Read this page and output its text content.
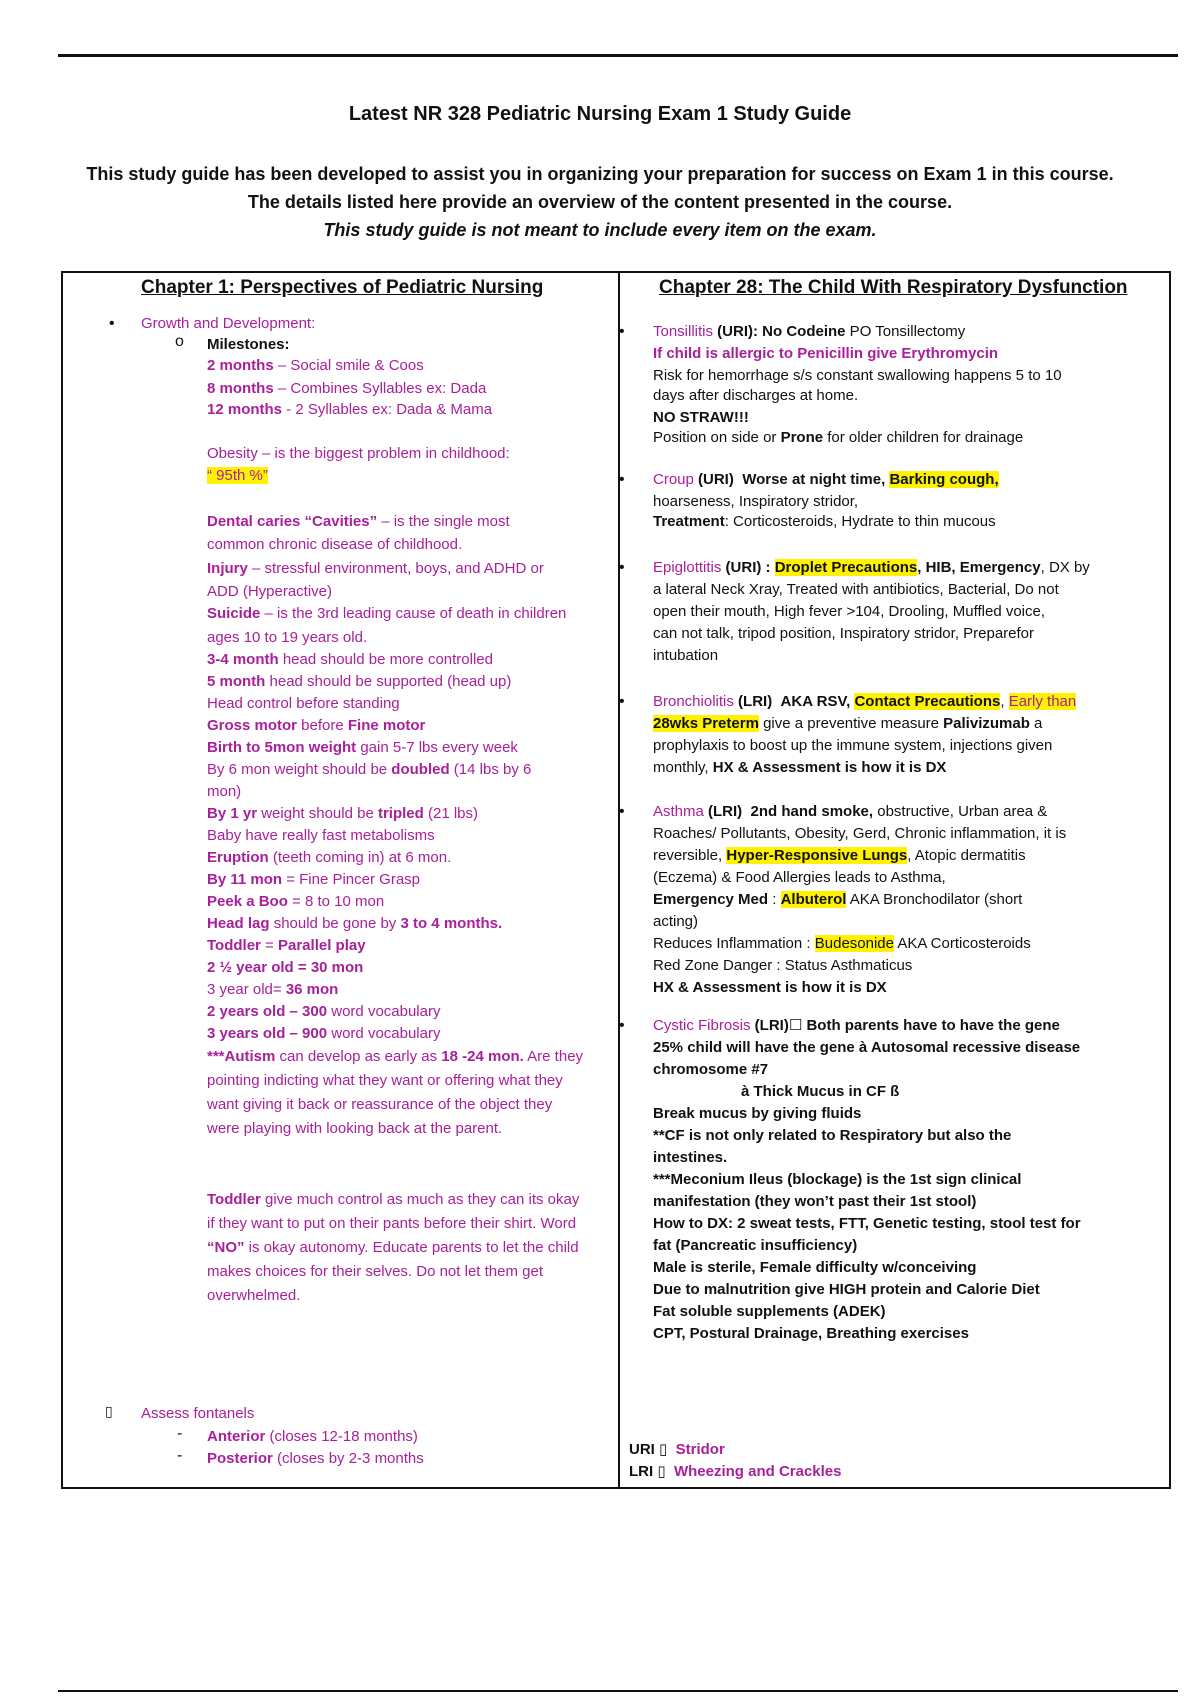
Latest NR 328 Pediatric Nursing Exam 1 Study Guide
This study guide has been developed to assist you in organizing your preparation for success on Exam 1 in this course.
The details listed here provide an overview of the content presented in the course.
This study guide is not meant to include every item on the exam.
Chapter 1: Perspectives of Pediatric Nursing	Chapter 28: The Child With Respiratory Dysfunction
• Growth and Development:
o Milestones:
2 months – Social smile & Coos
8 months – Combines Syllables ex: Dada
12 months - 2 Syllables ex: Dada & Mama
Obesity – is the biggest problem in childhood:
“ 95th %”
Dental caries “Cavities” – is the single most
common chronic disease of childhood.
Injury – stressful environment, boys, and ADHD or
ADD (Hyperactive)
Suicide – is the 3rd leading cause of death in children
ages 10 to 19 years old.
3-4 month head should be more controlled
5 month head should be supported (head up)
Head control before standing
Gross motor before Fine motor
Birth to 5mon weight gain 5-7 lbs every week
By 6 mon weight should be doubled (14 lbs by 6
mon)
By 1 yr weight should be tripled (21 lbs)
Baby have really fast metabolisms
Eruption (teeth coming in) at 6 mon.
By 11 mon = Fine Pincer Grasp
Peek a Boo = 8 to 10 mon
Head lag should be gone by 3 to 4 months.
Toddler = Parallel play
2 ½ year old = 30 mon
3 year old= 36 mon
2 years old – 300 word vocabulary
3 years old – 900 word vocabulary
***Autism can develop as early as 18 -24 mon. Are they pointing indicting what they want or offering what they want giving it back or reassurance of the object they were playing with looking back at the parent.
Toddler give much control as much as they can its okay if they want to put on their pants before their shirt. Word “NO” is okay autonomy. Educate parents to let the child makes choices for their selves. Do not let them get overwhelmed.
▯ Assess fontanels
- Anterior (closes 12-18 months)
- Posterior (closes by 2-3 months
• Tonsillitis (URI): No Codeine PO Tonsillectomy
If child is allergic to Penicillin give Erythromycin
Risk for hemorrhage s/s constant swallowing happens 5 to 10
days after discharges at home.
NO STRAW!!!
Position on side or Prone for older children for drainage
• Croup (URI) Worse at night time, Barking cough,
hoarseness, Inspiratory stridor,
Treatment: Corticosteroids, Hydrate to thin mucous
• Epiglottitis (URI) : Droplet Precautions, HIB, Emergency, DX by
a lateral Neck Xray, Treated with antibiotics, Bacterial, Do not
open their mouth, High fever >104, Drooling, Muffled voice,
can not talk, tripod position, Inspiratory stridor, Preparefor
intubation
• Bronchiolitis (LRI) AKA RSV, Contact Precautions, Early than
28wks Preterm give a preventive measure Palivizumab a
prophylaxis to boost up the immune system, injections given
monthly, HX & Assessment is how it is DX
• Asthma (LRI) 2nd hand smoke, obstructive, Urban area &
Roaches/ Pollutants, Obesity, Gerd, Chronic inflammation, it is
reversible, Hyper-Responsive Lungs, Atopic dermatitis
(Eczema) & Food Allergies leads to Asthma,
Emergency Med : Albuterol AKA Bronchodilator (short
acting)
Reduces Inflammation : Budesonide AKA Corticosteroids
Red Zone Danger : Status Asthmaticus
HX & Assessment is how it is DX
• Cystic Fibrosis (LRI)☐ Both parents have to have the gene
25% child will have the gene à Autosomal recessive disease
chromosome #7
à Thick Mucus in CF ß
Break mucus by giving fluids
**CF is not only related to Respiratory but also the
intestines.
***Meconium Ileus (blockage) is the 1st sign clinical
manifestation (they won’t past their 1st stool)
How to DX: 2 sweat tests, FTT, Genetic testing, stool test for
fat (Pancreatic insufficiency)
Male is sterile, Female difficulty w/conceiving
Due to malnutrition give HIGH protein and Calorie Diet
Fat soluble supplements (ADEK)
CPT, Postural Drainage, Breathing exercises
URI ▯  Stridor
LRI ▯  Wheezing and Crackles
